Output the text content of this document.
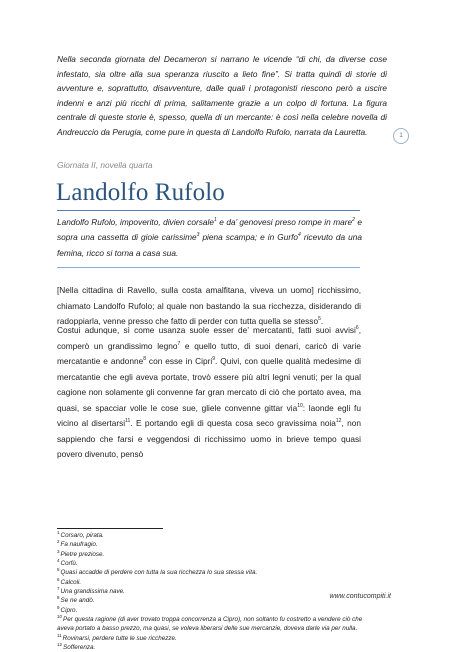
Nella seconda giornata del Decameron si narrano le vicende “di chi, da diverse cose infestato, sia oltre alla sua speranza riuscito a lieto fine”. Si tratta quindi di storie di avventure e, soprattutto, disavventure, dalle quali i protagonisti riescono però a uscire indenni e anzi più ricchi di prima, salitamente grazie a un colpo di fortuna. La figura centrale di queste storie è, spesso, quella di un mercante: è così nella celebre novella di Andreuccio da Perugia, come pure in questa di Landolfo Rufolo, narrata da Lauretta.	1

Giornata II, novella quarta

Landolfo Rufolo

Landolfo Rufolo, impoverito, divien corsale$^1$ e da’ genovesi preso rompe in mare$^2$ e sopra una cassetta di gioie carissime$^3$ piena scampa; e in Gurfo$^4$ ricevuto da una femina, ricco si torna a casa sua.

[Nella cittadina di Ravello, sulla costa amalfitana, viveva un uomo] ricchissimo, chiamato Landolfo Rufolo; al quale non bastando la sua ricchezza, disiderando di radoppiarla, venne presso che fatto di perder con tutta quella se stesso$^5$.

Costui adunque, sì come usanza suole esser de’ mercatanti, fatti suoi avvisi$^6$, comperò un grandissimo legno$^7$ e quello tutto, di suoi denari, caricò di varie mercatantie e andonne$^8$ con esse in Cipri$^9$. Quivi, con quelle qualità medesime di mercatantie che egli aveva portate, trovò essere più altri legni venuti; per la qual cagione non solamente gli convenne far gran mercato di ciò che portato avea, ma quasi, se spacciar volle le cose sue, gliele convenne gittar via$^{10}$: laonde egli fu vicino al disertarsi$^{11}$. E portando egli di questa cosa seco gravissima noia$^{12}$, non sappiendo che farsi e veggendosi di ricchissimo uomo in brieve tempo quasi povero divenuto, pensò

$^1$Corsaro, pirata.
$^2$Fa naufragio.
$^3$Pietre preziose.
$^4$Corfù.
$^5$Quasi accadde di perdere con tutta la sua ricchezza lo sua stessa vita.
$^6$Calcoli.
$^7$Una grandissima nave.
$^8$Se ne andò.
$^9$Cipro.
$^{10}$Per questa ragione (di aver trovato troppa concorrenza a Cipro), non soltanto fu costretto a vendere ciò che aveva portato a basso prezzo, ma quasi, se voleva liberarsi delle sue mercanzie, doveva darle via per nulla.
$^{11}$Rovinarsi, perdere tutte le sue ricchezze.
$^{12}$Sofferenza.

www.contucompiti.it
